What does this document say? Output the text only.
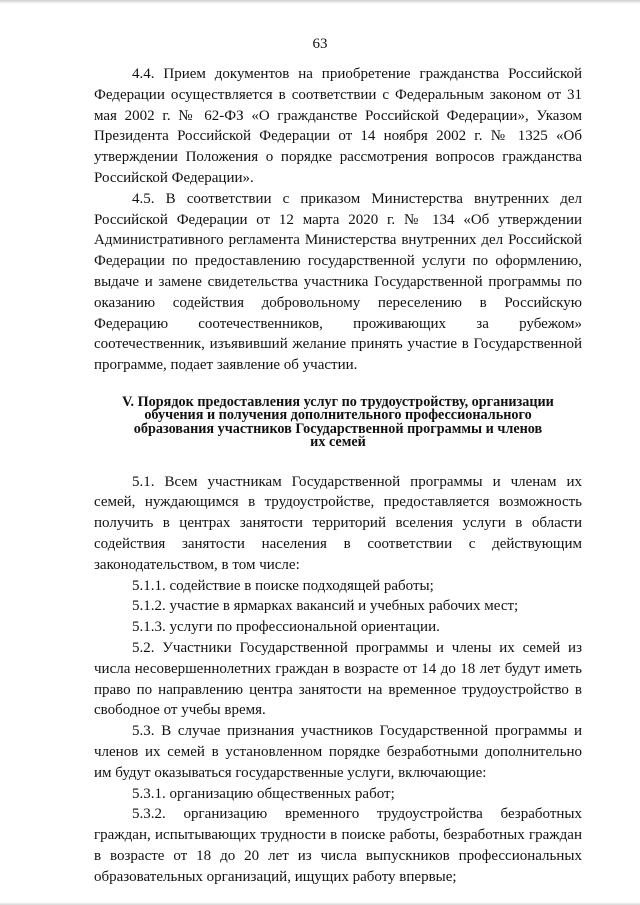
63

4.4. Прием документов на приобретение гражданства Российской Федерации осуществляется в соответствии с Федеральным законом от 31 мая 2002 г. № 62-ФЗ «О гражданстве Российской Федерации», Указом Президента Российской Федерации от 14 ноября 2002 г. № 1325 «Об утверждении Положения о порядке рассмотрения вопросов гражданства Российской Федерации».

4.5. В соответствии с приказом Министерства внутренних дел Российской Федерации от 12 марта 2020 г. № 134 «Об утверждении Административного регламента Министерства внутренних дел Российской Федерации по предоставлению государственной услуги по оформлению, выдаче и замене свидетельства участника Государственной программы по оказанию содействия добровольному переселению в Российскую Федерацию соотечественников, проживающих за рубежом» соотечественник, изъявивший желание принять участие в Государственной программе, подает заявление об участии.

V. Порядок предоставления услуг по трудоустройству, организации
обучения и получения дополнительного профессионального
образования участников Государственной программы и членов
их семей

5.1. Всем участникам Государственной программы и членам их семей, нуждающимся в трудоустройстве, предоставляется возможность получить в центрах занятости территорий вселения услуги в области содействия занятости населения в соответствии с действующим законодательством, в том числе:

5.1.1. содействие в поиске подходящей работы;

5.1.2. участие в ярмарках вакансий и учебных рабочих мест;

5.1.3. услуги по профессиональной ориентации.

5.2. Участники Государственной программы и члены их семей из числа несовершеннолетних граждан в возрасте от 14 до 18 лет будут иметь право по направлению центра занятости на временное трудоустройство в свободное от учебы время.

5.3. В случае признания участников Государственной программы и членов их семей в установленном порядке безработными дополнительно им будут оказываться государственные услуги, включающие:

5.3.1. организацию общественных работ;

5.3.2. организацию временного трудоустройства безработных граждан, испытывающих трудности в поиске работы, безработных граждан в возрасте от 18 до 20 лет из числа выпускников профессиональных образовательных организаций, ищущих работу впервые;
